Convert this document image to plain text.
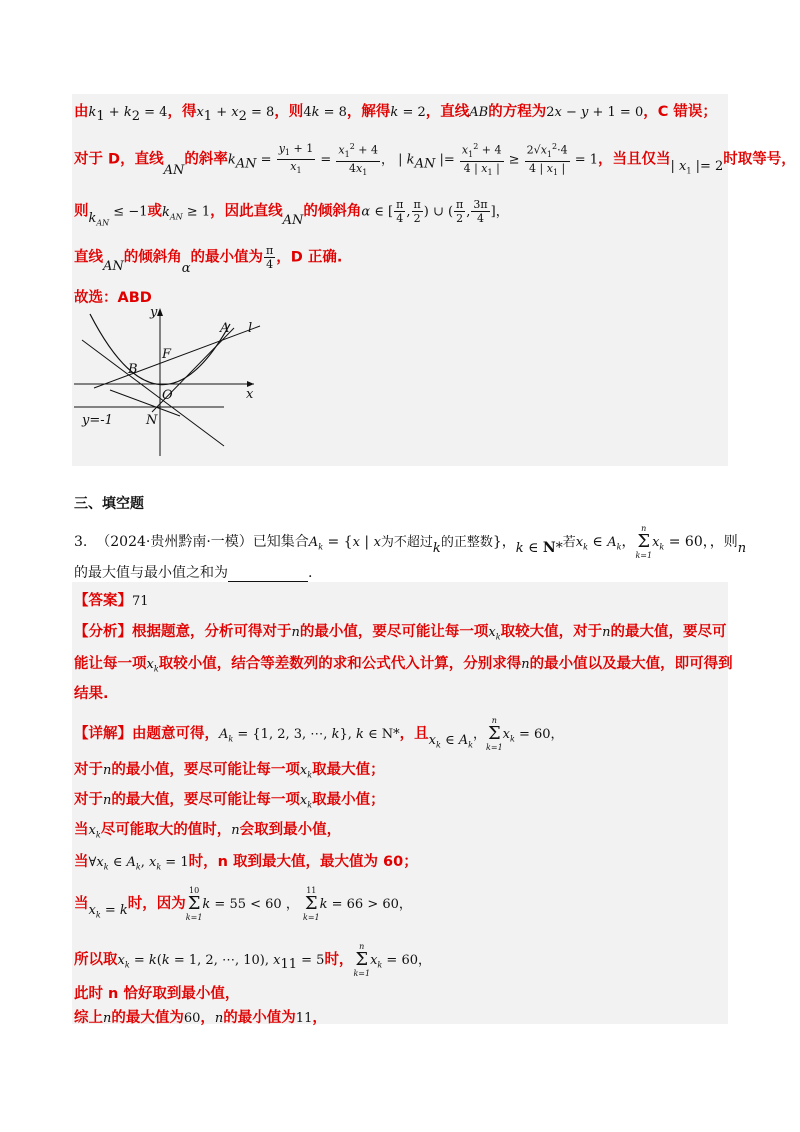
由$k_1 + k_2 = 4$，得$x_1 + x_2 = 8$，则4k = 8，解得k = 2，直线AB的方程为2x − y + 1 = 0，C 错误；
对于 D，直线AN的斜率$k_{AN} = \frac{y_1 + 1}{x_1} = \frac{x_1^2 + 4}{4x_1}$ ， | $k_{AN}$ |= $\frac{x_1^2 + 4}{4 | x_1 |} \ge \frac{2√x_1^2\cdot 4}{4 | x_1 |} = 1$，当且仅当| $x_1$ |= 2时取等号，
则$k_{AN} \le -1$或$k_{AN} \ge 1$，因此直线AN的倾斜角α ∈ [ $\frac{\pi}{4}$ , $\frac{\pi}{2}$ ) ∪ ( $\frac{\pi}{2}$ , $\frac{3\pi}{4}$ ]，
直线AN的倾斜角α的最小值为 $\frac{\pi}{4}$ ，D 正确.
故选：ABD
y
x
A l
F
B
O
N
y=-1
三、填空题
3. （2024·贵州黔南·一模）已知集合$A_k = \{x$ | x为不超过k的正整数}，k ∈ N*若$x_k$ ∈ $A_k$，n
Σ
$k=1x_k = 60$，，则n
的最大值与最小值之和为	.
【答案】71
【分析】根据题意，分析可得对于n的最小值，要尽可能让每一项$x_k$取较大值，对于n的最大值，要尽可
能让每一项$x_k$取较小值，结合等差数列的求和公式代入计算，分别求得n的最小值以及最大值，即可得到
结果.
【详解】由题意可得，$A_k = \{1$, 2, 3, ⋯, k}, k ∈ N*，且$x_k$ ∈ $A_k$，n
Σ
$k=1x_k = 60$，
对于n的最小值，要尽可能让每一项$x_k$取最大值；
对于n的最大值，要尽可能让每一项$x_k$取最小值；
当$x_k$尽可能取大的值时，n会取到最小值，
当$\forall x_k$ ∈ $A_k$, $x_k = 1$时，n 取到最大值，最大值为 60；
当$x_k = k$时，因为10
Σ
k=1k = 55 < 60 ， 11
Σ
k=1k = 66 > 60，
所以取$x_k = k(k = 1$, 2, ⋯, 10), $x_{11} = 5$时，n
Σ
$k=1x_k = 60$，
此时 n 恰好取到最小值，
综上n的最大值为60，n的最小值为11，
